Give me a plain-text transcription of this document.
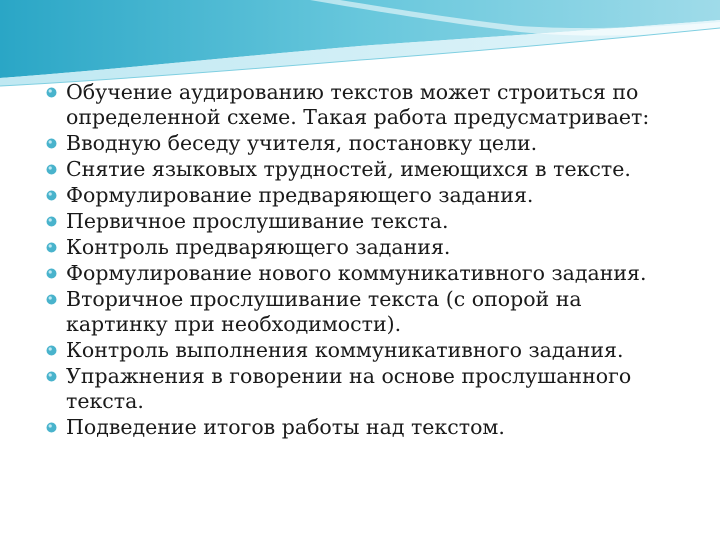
Обучение аудированию текстов может строиться по определенной схеме. Такая работа предусматривает:
Вводную беседу учителя, постановку цели.
Снятие языковых трудностей, имеющихся в тексте.
Формулирование предваряющего задания.
Первичное прослушивание текста.
Контроль предваряющего задания.
Формулирование нового коммуникативного задания.
Вторичное прослушивание текста (с опорой на картинку при необходимости).
Контроль выполнения коммуникативного задания.
Упражнения в говорении на основе прослушанного текста.
Подведение итогов работы над текстом.
